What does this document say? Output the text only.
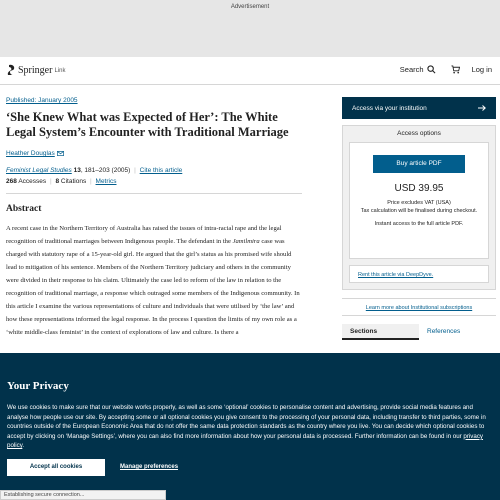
Advertisement
Springer Link	Search	Log in
Published: January 2005
‘She Knew What was Expected of Her’: The White Legal System’s Encounter with Traditional Marriage
Heather Douglas
Feminist Legal Studies 13, 181–203 (2005) | Cite this article
268 Accesses | 8 Citations | Metrics
Abstract

A recent case in the Northern Territory of Australia has raised the issues of intra-racial rape and the legal recognition of traditional marriages between Indigenous people. The defendant in the Jamilmira case was charged with statutory rape of a 15-year-old girl. He argued that the girl’s status as his promised wife should lead to mitigation of his sentence. Members of the Northern Territory judiciary and others in the community were divided in their response to his claim. Ultimately the case led to reform of the law in relation to the recognition of traditional marriage, a response which outraged some members of the Indigenous community. In this article I examine the various representations of culture and individuals that were utilised by ‘the law’ and how these representations informed the legal response. In the process I question the limits of my own role as a ‘white middle-class feminist’ in the context of explorations of law and culture. Is there a

Access via your institution
Access options
Buy article PDF
USD 39.95
Price excludes VAT (USA)
Tax calculation will be finalised during checkout.
Instant access to the full article PDF.
Rent this article via DeepDyve.
Learn more about Institutional subscriptions
Sections	References
Your Privacy

We use cookies to make sure that our website works properly, as well as some ‘optional’ cookies to personalise content and advertising, provide social media features and analyse how people use our site. By accepting some or all optional cookies you give consent to the processing of your personal data, including transfer to third parties, some in countries outside of the European Economic Area that do not offer the same data protection standards as the country where you live. You can decide which optional cookies to accept by clicking on ‘Manage Settings’, where you can also find more information about how your personal data is processed. Further information can be found in our privacy policy.

Accept all cookies	Manage preferences
Establishing secure connection...
